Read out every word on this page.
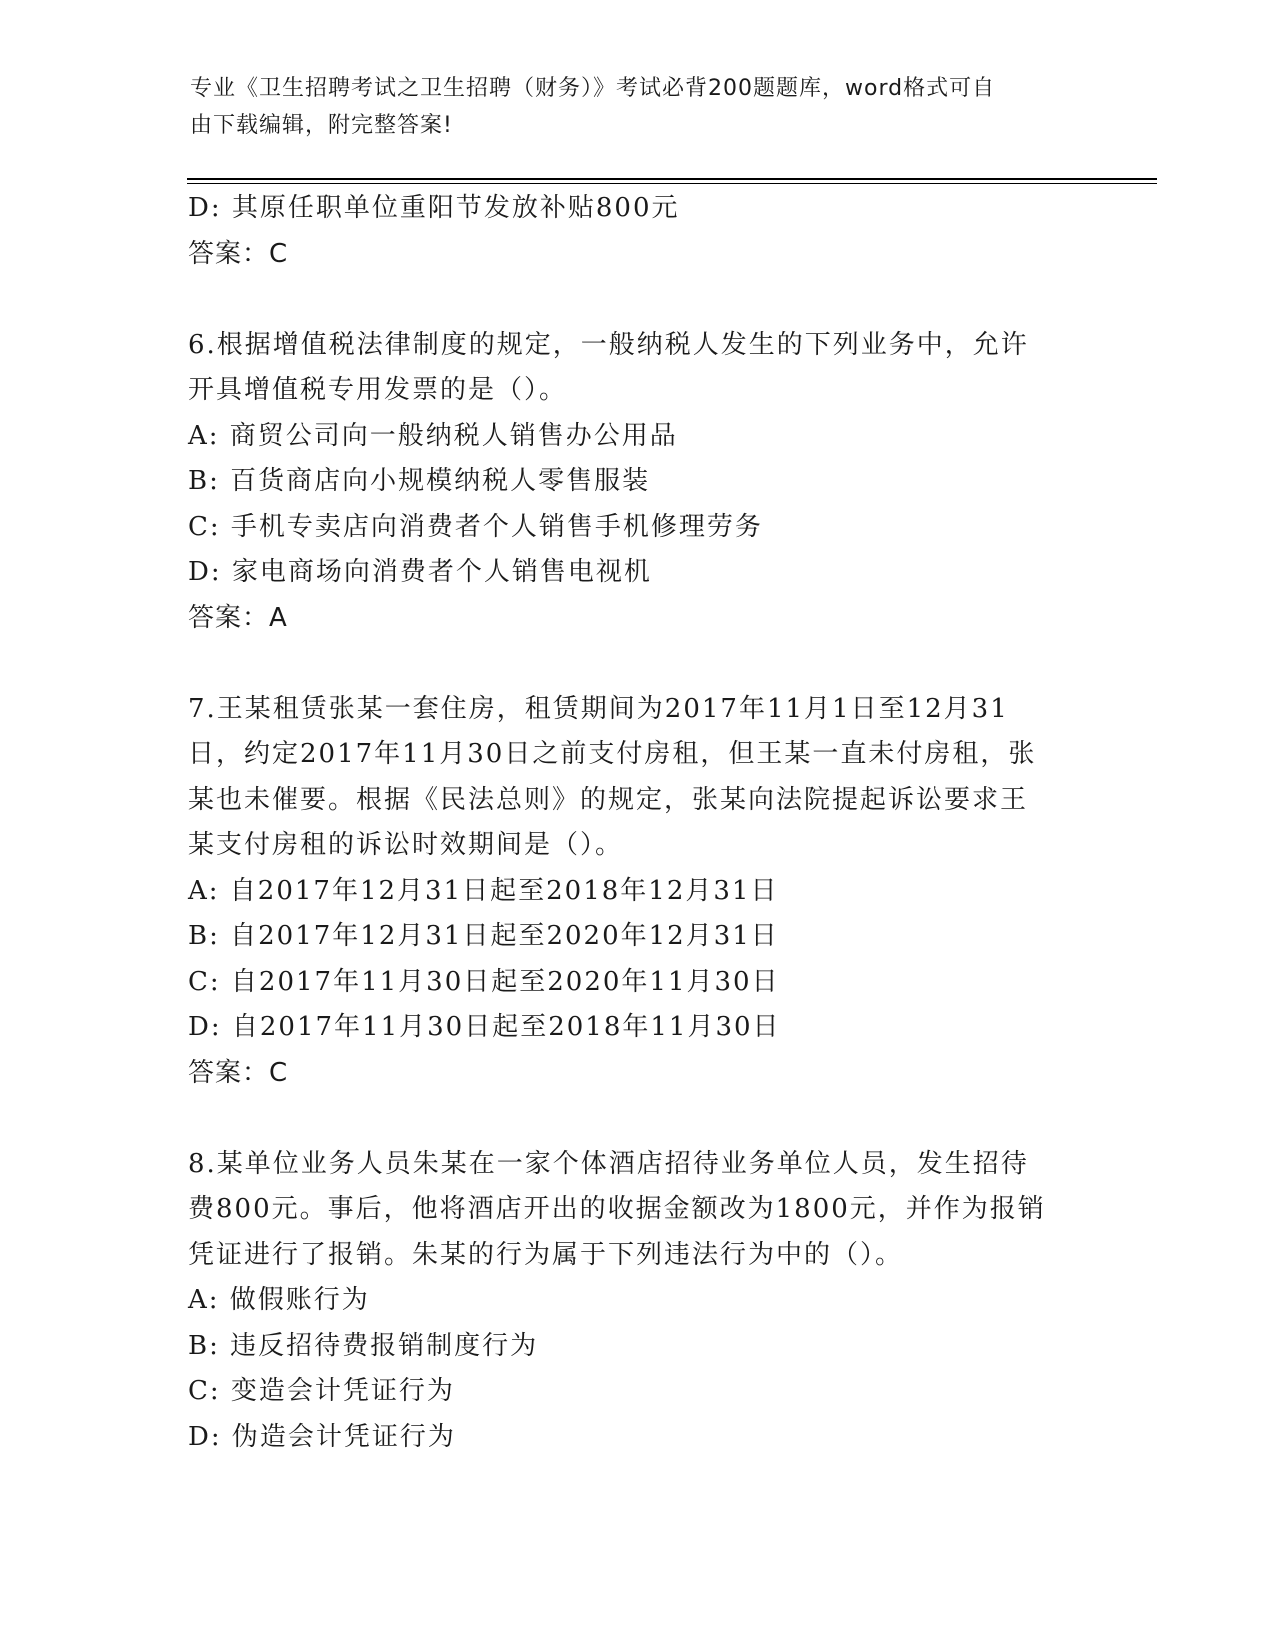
专业《卫生招聘考试之卫生招聘（财务）》考试必背200题题库，word格式可自
由下载编辑，附完整答案!
D: 其原任职单位重阳节发放补贴800元
答案：C
6.根据增值税法律制度的规定，一般纳税人发生的下列业务中，允许
开具增值税专用发票的是（）。
A: 商贸公司向一般纳税人销售办公用品
B: 百货商店向小规模纳税人零售服装
C: 手机专卖店向消费者个人销售手机修理劳务
D: 家电商场向消费者个人销售电视机
答案：A
7.王某租赁张某一套住房，租赁期间为2017年11月1日至12月31
日，约定2017年11月30日之前支付房租，但王某一直未付房租，张
某也未催要。根据《民法总则》的规定，张某向法院提起诉讼要求王
某支付房租的诉讼时效期间是（）。
A: 自2017年12月31日起至2018年12月31日
B: 自2017年12月31日起至2020年12月31日
C: 自2017年11月30日起至2020年11月30日
D: 自2017年11月30日起至2018年11月30日
答案：C
8.某单位业务人员朱某在一家个体酒店招待业务单位人员，发生招待
费800元。事后，他将酒店开出的收据金额改为1800元，并作为报销
凭证进行了报销。朱某的行为属于下列违法行为中的（）。
A: 做假账行为
B: 违反招待费报销制度行为
C: 变造会计凭证行为
D: 伪造会计凭证行为
